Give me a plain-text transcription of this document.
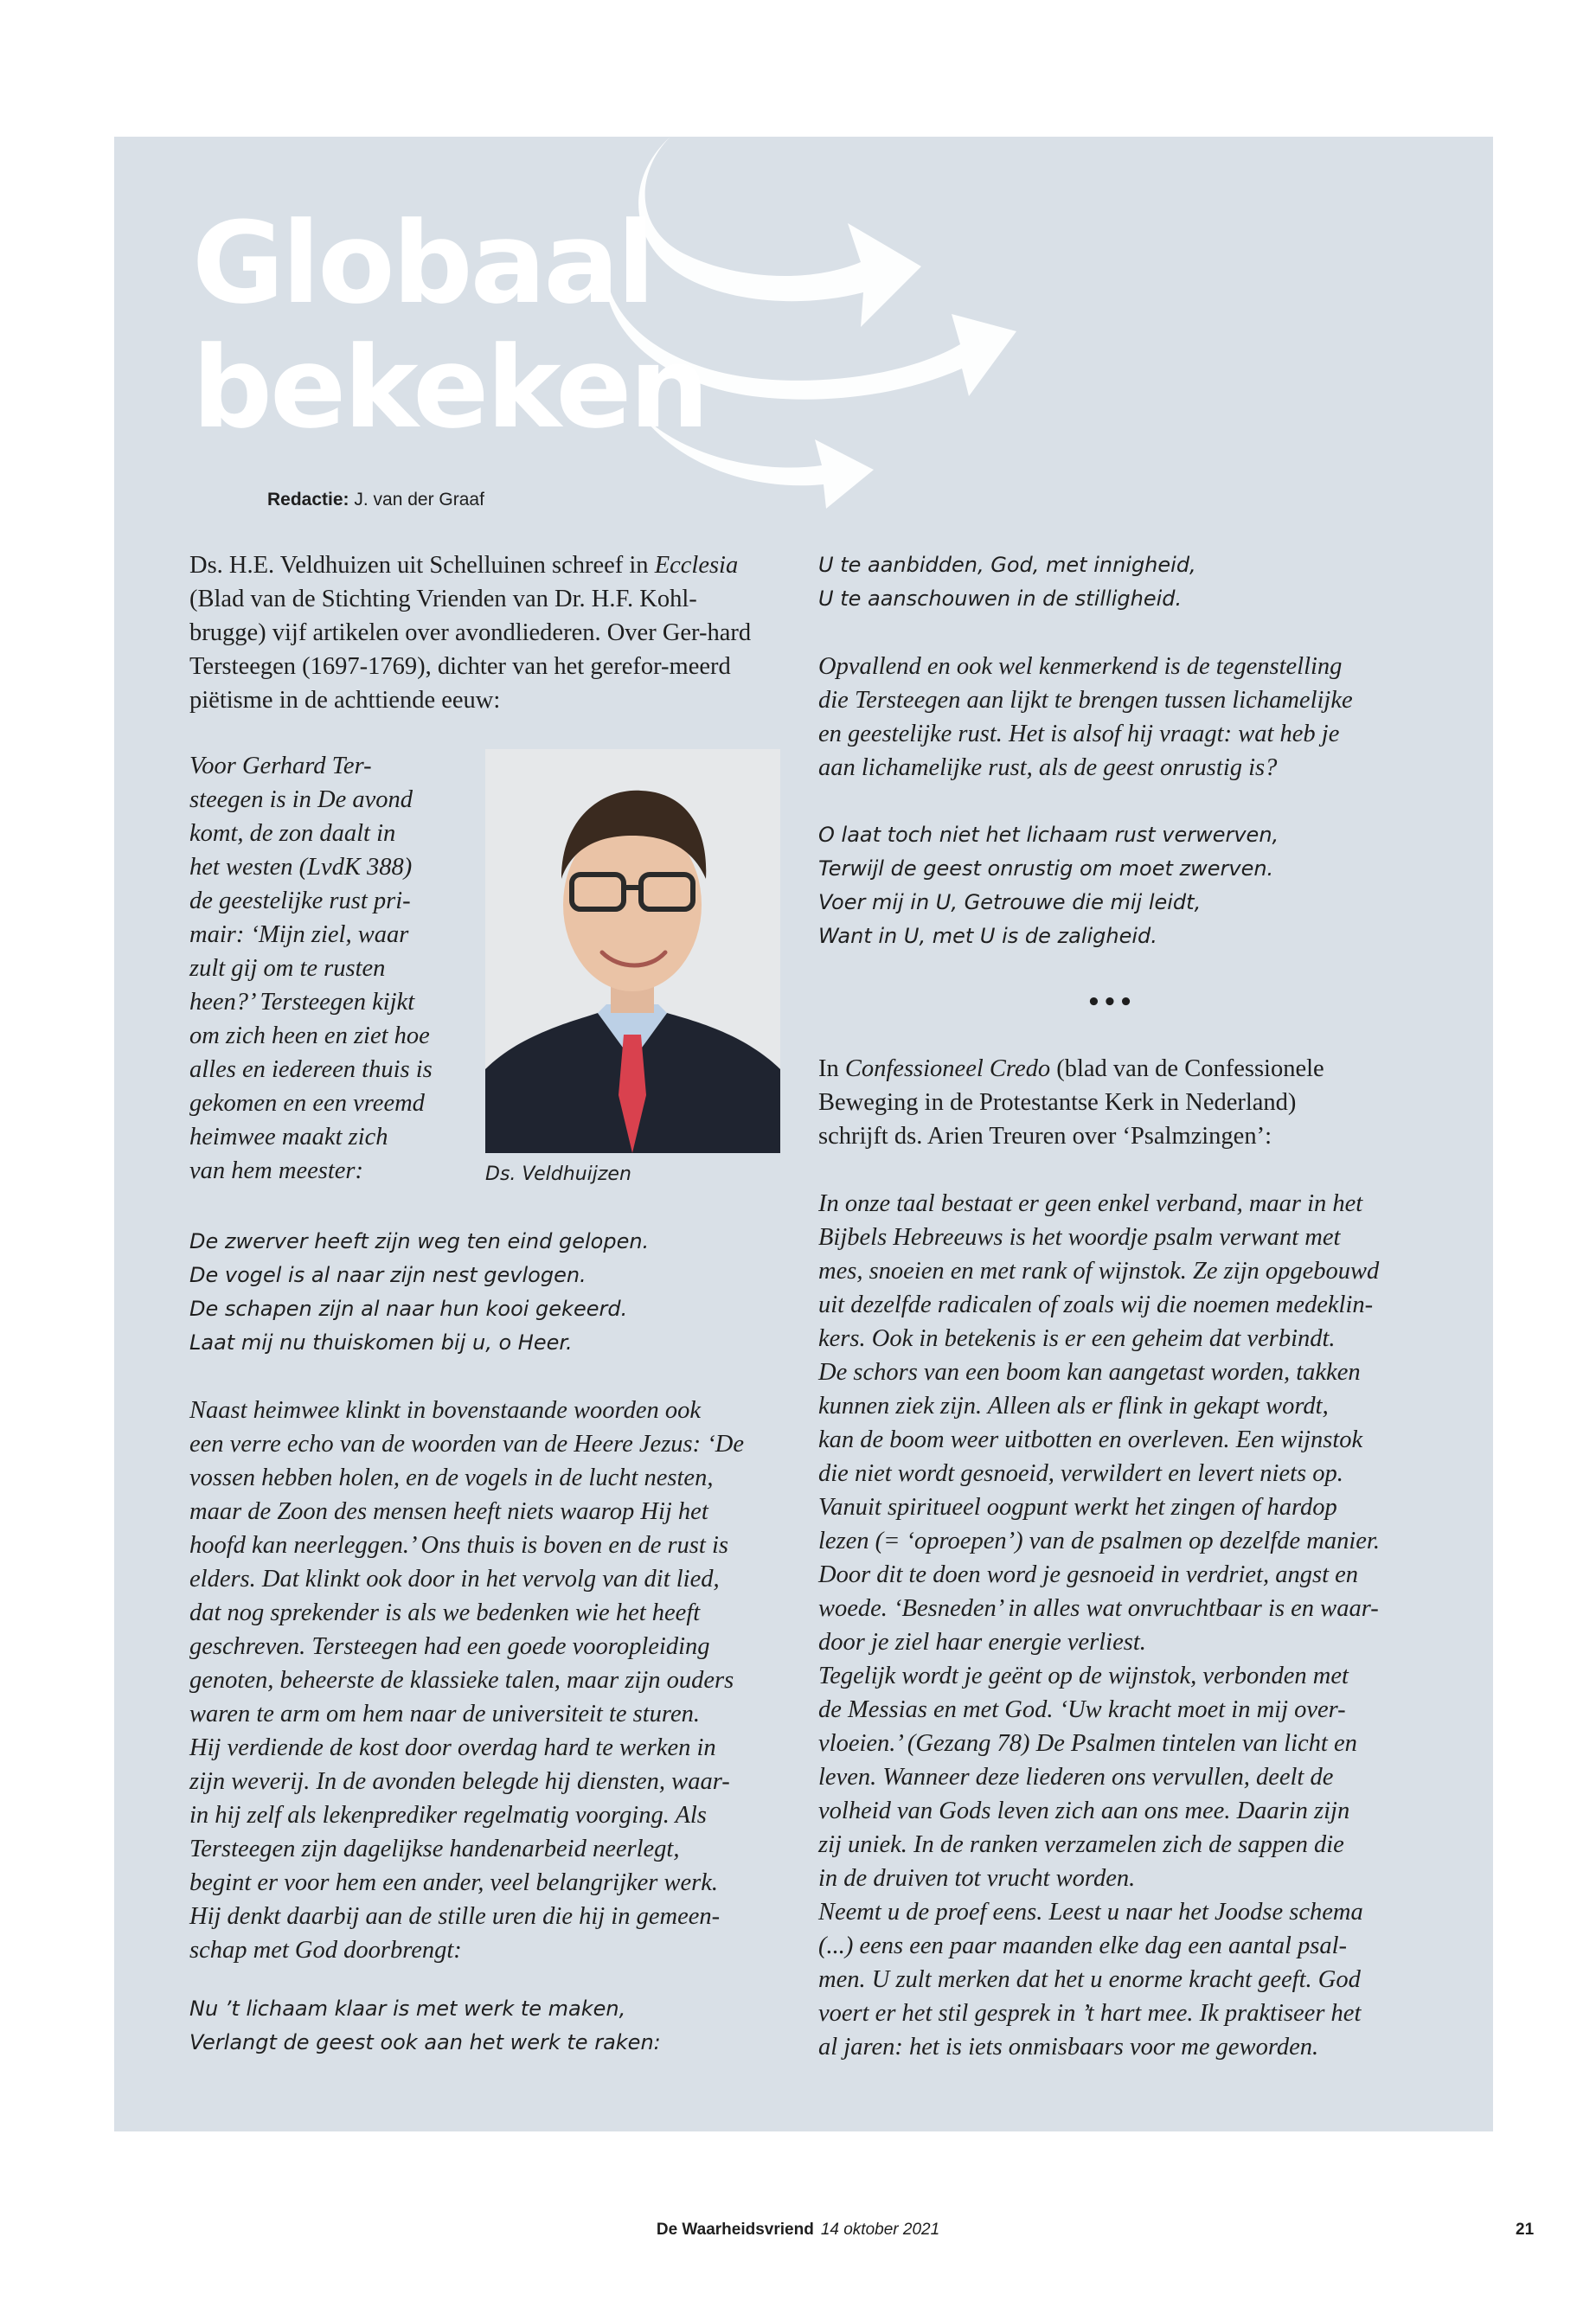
Globaal
bekeken
Redactie: J. van der Graaf

Ds. H.E. Veldhuizen uit Schelluinen schreef in Ecclesia (Blad van de Stichting Vrienden van Dr. H.F. Kohl-brugge) vijf artikelen over avondliederen. Over Ger-hard Tersteegen (1697-1769), dichter van het gerefor-meerd piëtisme in de achttiende eeuw:

Voor Gerhard Ter-

steegen is in De avond

komt, de zon daalt in

het westen (LvdK 388)

de geestelijke rust pri-

mair: ‘Mijn ziel, waar

zult gij om te rusten

heen?’ Tersteegen kijkt

om zich heen en ziet hoe

alles en iedereen thuis is

gekomen en een vreemd

heimwee maakt zich

van hem meester:	Ds. Veldhuijzen

De zwerver heeft zijn weg ten eind gelopen.

De vogel is al naar zijn nest gevlogen.

De schapen zijn al naar hun kooi gekeerd.

Laat mij nu thuiskomen bij u, o Heer.

Naast heimwee klinkt in bovenstaande woorden ook

een verre echo van de woorden van de Heere Jezus: ‘De

vossen hebben holen, en de vogels in de lucht nesten,

maar de Zoon des mensen heeft niets waarop Hij het

hoofd kan neerleggen.’ Ons thuis is boven en de rust is

elders. Dat klinkt ook door in het vervolg van dit lied,

dat nog sprekender is als we bedenken wie het heeft

geschreven. Tersteegen had een goede vooropleiding

genoten, beheerste de klassieke talen, maar zijn ouders

waren te arm om hem naar de universiteit te sturen.

Hij verdiende de kost door overdag hard te werken in

zijn weverij. In de avonden belegde hij diensten, waar-

in hij zelf als lekenprediker regelmatig voorging. Als

Tersteegen zijn dagelijkse handenarbeid neerlegt,

begint er voor hem een ander, veel belangrijker werk.

Hij denkt daarbij aan de stille uren die hij in gemeen-

schap met God doorbrengt:

Nu ’t lichaam klaar is met werk te maken,

Verlangt de geest ook aan het werk te raken:

U te aanbidden, God, met innigheid,

U te aanschouwen in de stilligheid.

Opvallend en ook wel kenmerkend is de tegenstelling

die Tersteegen aan lijkt te brengen tussen lichamelijke

en geestelijke rust. Het is alsof hij vraagt: wat heb je

aan lichamelijke rust, als de geest onrustig is?

O laat toch niet het lichaam rust verwerven,

Terwijl de geest onrustig om moet zwerven.

Voer mij in U, Getrouwe die mij leidt,

Want in U, met U is de zaligheid.

•••

In Confessioneel Credo (blad van de Confessionele

Beweging in de Protestantse Kerk in Nederland)

schrijft ds. Arien Treuren over ‘Psalmzingen’:

In onze taal bestaat er geen enkel verband, maar in het

Bijbels Hebreeuws is het woordje psalm verwant met

mes, snoeien en met rank of wijnstok. Ze zijn opgebouwd

uit dezelfde radicalen of zoals wij die noemen medeklin-

kers. Ook in betekenis is er een geheim dat verbindt.

De schors van een boom kan aangetast worden, takken

kunnen ziek zijn. Alleen als er flink in gekapt wordt,

kan de boom weer uitbotten en overleven. Een wijnstok

die niet wordt gesnoeid, verwildert en levert niets op.

Vanuit spiritueel oogpunt werkt het zingen of hardop

lezen (= ‘oproepen’) van de psalmen op dezelfde manier.

Door dit te doen word je gesnoeid in verdriet, angst en

woede. ‘Besneden’ in alles wat onvruchtbaar is en waar-

door je ziel haar energie verliest.

Tegelijk wordt je geënt op de wijnstok, verbonden met

de Messias en met God. ‘Uw kracht moet in mij over-

vloeien.’ (Gezang 78) De Psalmen tintelen van licht en

leven. Wanneer deze liederen ons vervullen, deelt de

volheid van Gods leven zich aan ons mee. Daarin zijn

zij uniek. In de ranken verzamelen zich de sappen die

in de druiven tot vrucht worden.

Neemt u de proef eens. Leest u naar het Joodse schema

(...) eens een paar maanden elke dag een aantal psal-

men. U zult merken dat het u enorme kracht geeft. God

voert er het stil gesprek in ’t hart mee. Ik praktiseer het

al jaren: het is iets onmisbaars voor me geworden.

De Waarheidsvriend 14 oktober 2021	21
